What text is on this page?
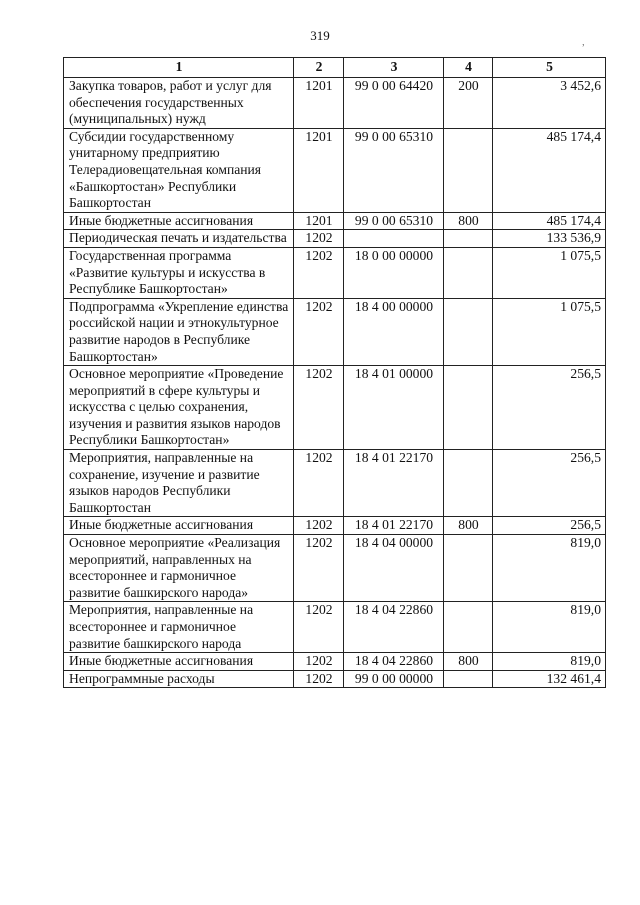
319	,
1	2	3	4	5
Закупка товаров, работ и услуг для обеспечения государственных (муниципальных) нужд	1201	99 0 00 64420	200	3 452,6
Субсидии государственному унитарному предприятию Телерадиовещательная компания «Башкортостан» Республики Башкортостан	1201	99 0 00 65310		485 174,4
Иные бюджетные ассигнования	1201	99 0 00 65310	800	485 174,4
Периодическая печать и издательства	1202			133 536,9
Государственная программа «Развитие культуры и искусства в Республике Башкортостан»	1202	18 0 00 00000		1 075,5
Подпрограмма «Укрепление единства российской нации и этнокультурное развитие народов в Республике Башкортостан»	1202	18 4 00 00000		1 075,5
Основное мероприятие «Проведение мероприятий в сфере культуры и искусства с целью сохранения, изучения и развития языков народов Республики Башкортостан»	1202	18 4 01 00000		256,5
Мероприятия, направленные на сохранение, изучение и развитие языков народов Республики Башкортостан	1202	18 4 01 22170		256,5
Иные бюджетные ассигнования	1202	18 4 01 22170	800	256,5
Основное мероприятие «Реализация мероприятий, направленных на всестороннее и гармоничное развитие башкирского народа»	1202	18 4 04 00000		819,0
Мероприятия, направленные на всестороннее и гармоничное развитие башкирского народа	1202	18 4 04 22860		819,0
Иные бюджетные ассигнования	1202	18 4 04 22860	800	819,0
Непрограммные расходы	1202	99 0 00 00000		132 461,4
